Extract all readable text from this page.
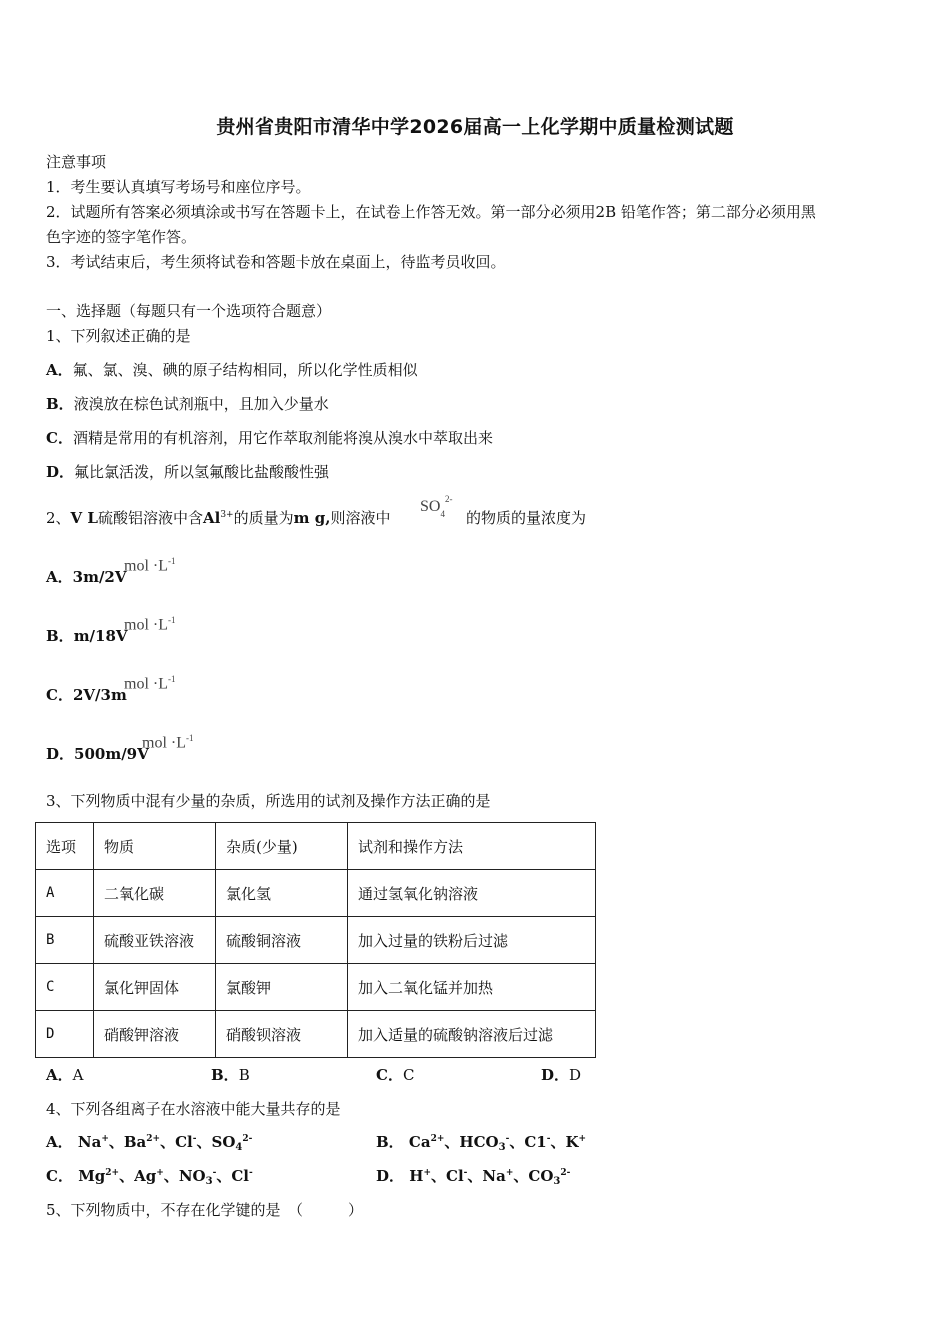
贵州省贵阳市清华中学2026届高一上化学期中质量检测试题
注意事项
1．考生要认真填写考场号和座位序号。
2．试题所有答案必须填涂或书写在答题卡上，在试卷上作答无效。第一部分必须用2B 铅笔作答；第二部分必须用黑
色字迹的签字笔作答。
3．考试结束后，考生须将试卷和答题卡放在桌面上，待监考员收回。
一、选择题（每题只有一个选项符合题意）
1、下列叙述正确的是
A．氟、氯、溴、碘的原子结构相同，所以化学性质相似
B．液溴放在棕色试剂瓶中，且加入少量水
C．酒精是常用的有机溶剂，用它作萃取剂能将溴从溴水中萃取出来
D．氟比氯活泼，所以氢氟酸比盐酸酸性强
2、V L硫酸铝溶液中含$Al^{3+}$的质量为m g,则溶液中
$SO_4^{2-}$
的物质的量浓度为
A．3m/2V
mol $\cdot L^{-1}$
B．m/18V
mol $\cdot L^{-1}$
C．2V/3m
mol $\cdot L^{-1}$
D．500m/9V
mol $\cdot L^{-1}$
3、下列物质中混有少量的杂质，所选用的试剂及操作方法正确的是
选项	物质	杂质(少量)	试剂和操作方法
A	二氧化碳	氯化氢	通过氢氧化钠溶液
B	硫酸亚铁溶液	硫酸铜溶液	加入过量的铁粉后过滤
C	氯化钾固体	氯酸钾	加入二氧化锰并加热
D	硝酸钾溶液	硝酸钡溶液	加入适量的硫酸钠溶液后过滤
A．A	B．B	C．C	D．D
4、下列各组离子在水溶液中能大量共存的是
A． Na+、$Ba^{2+}$、Cl-、$SO_4^{2-}$	B． $Ca^{2+}$、$HCO_3^-$、C1-、K+
C． $Mg^{2+}$、Ag+、$NO_3^-$、Cl-	D． H+、Cl-、Na+、$CO_3^{2-}$
5、下列物质中，不存在化学键的是　（　　　）
